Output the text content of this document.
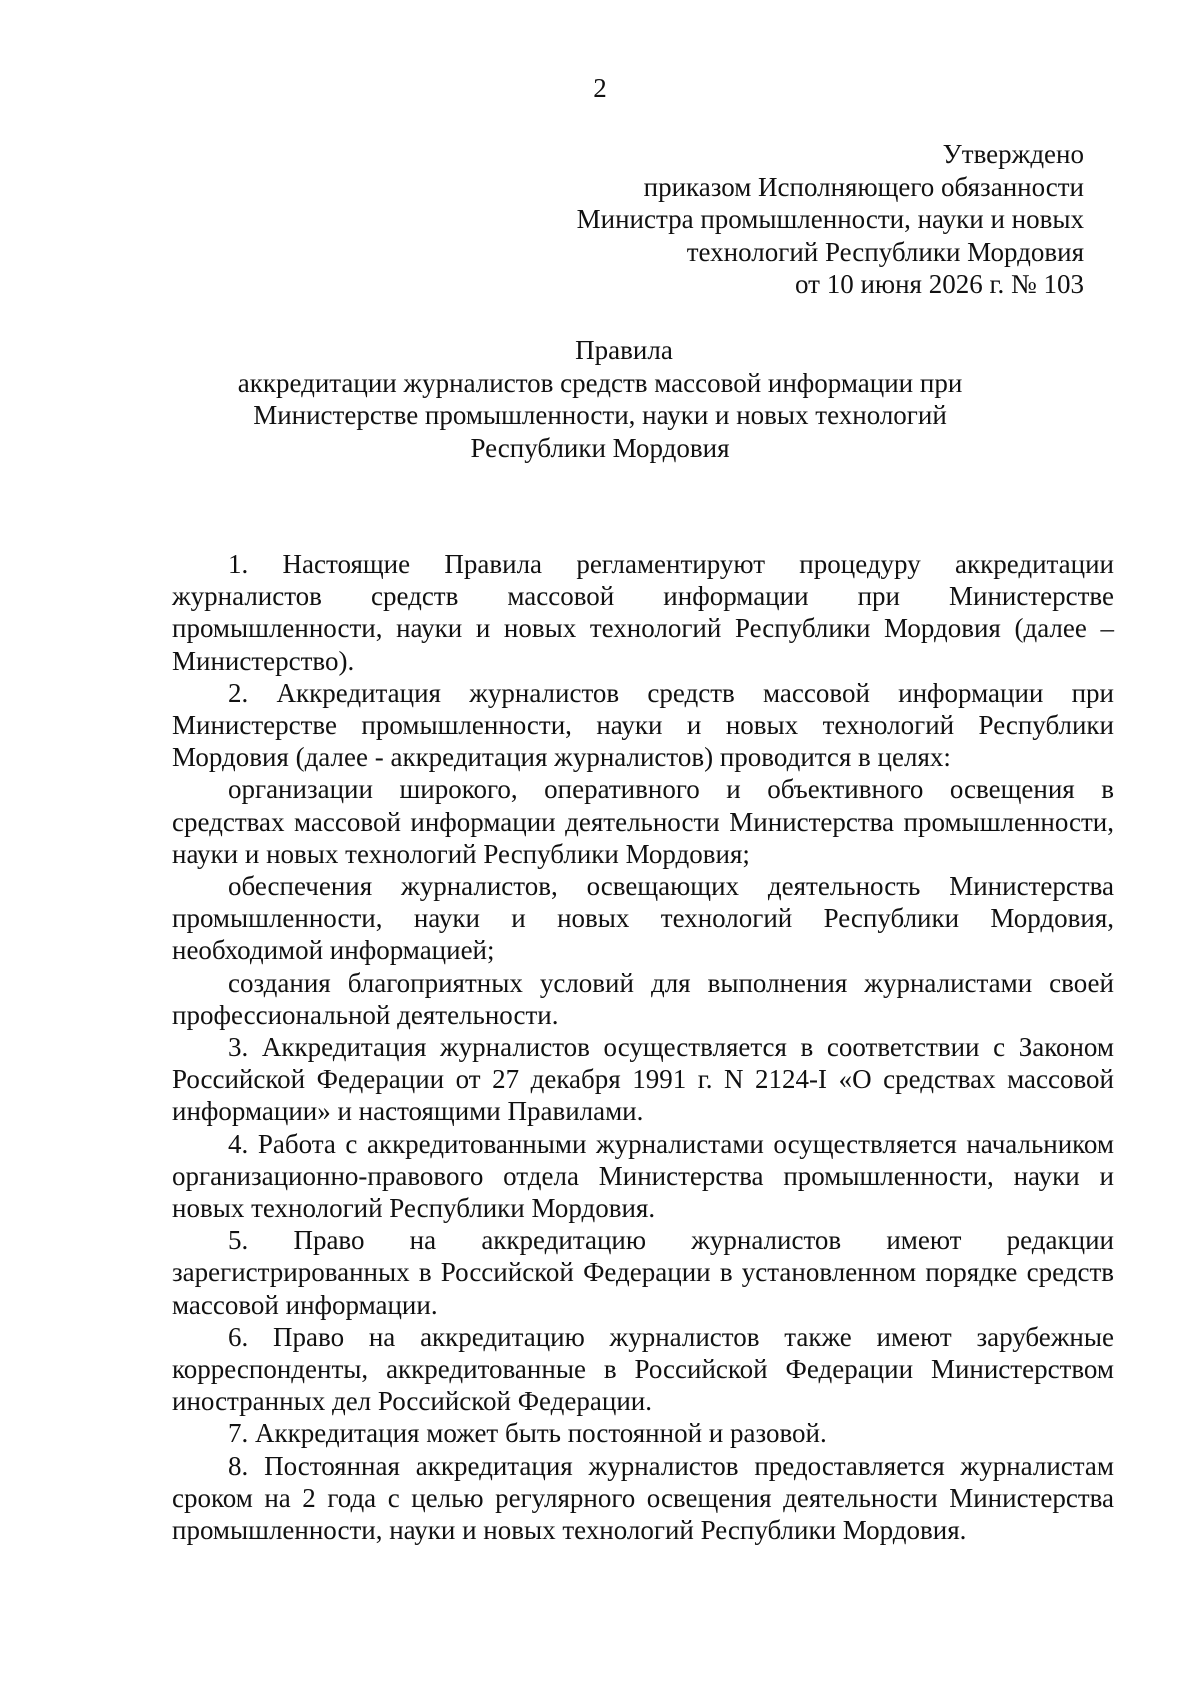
2
Утверждено
приказом Исполняющего обязанности
Министра промышленности, науки и новых
технологий Республики Мордовия
от 10 июня 2026 г. № 103
Правила
аккредитации журналистов средств массовой информации при
Министерстве промышленности, науки и новых технологий
Республики Мордовия

1. Настоящие Правила регламентируют процедуру аккредитации журналистов средств массовой информации при Министерстве промышленности, науки и новых технологий Республики Мордовия (далее – Министерство).

2. Аккредитация журналистов средств массовой информации при Министерстве промышленности, науки и новых технологий Республики Мордовия (далее - аккредитация журналистов) проводится в целях:

организации широкого, оперативного и объективного освещения в средствах массовой информации деятельности Министерства промышленности, науки и новых технологий Республики Мордовия;

обеспечения журналистов, освещающих деятельность Министерства промышленности, науки и новых технологий Республики Мордовия, необходимой информацией;

создания благоприятных условий для выполнения журналистами своей профессиональной деятельности.

3. Аккредитация журналистов осуществляется в соответствии с Законом Российской Федерации от 27 декабря 1991 г. N 2124-I «О средствах массовой информации» и настоящими Правилами.

4. Работа с аккредитованными журналистами осуществляется начальником организационно-правового отдела Министерства промышленности, науки и новых технологий Республики Мордовия.

5. Право на аккредитацию журналистов имеют редакции зарегистрированных в Российской Федерации в установленном порядке средств массовой информации.

6. Право на аккредитацию журналистов также имеют зарубежные корреспонденты, аккредитованные в Российской Федерации Министерством иностранных дел Российской Федерации.

7. Аккредитация может быть постоянной и разовой.

8. Постоянная аккредитация журналистов предоставляется журналистам сроком на 2 года с целью регулярного освещения деятельности Министерства промышленности, науки и новых технологий Республики Мордовия.
